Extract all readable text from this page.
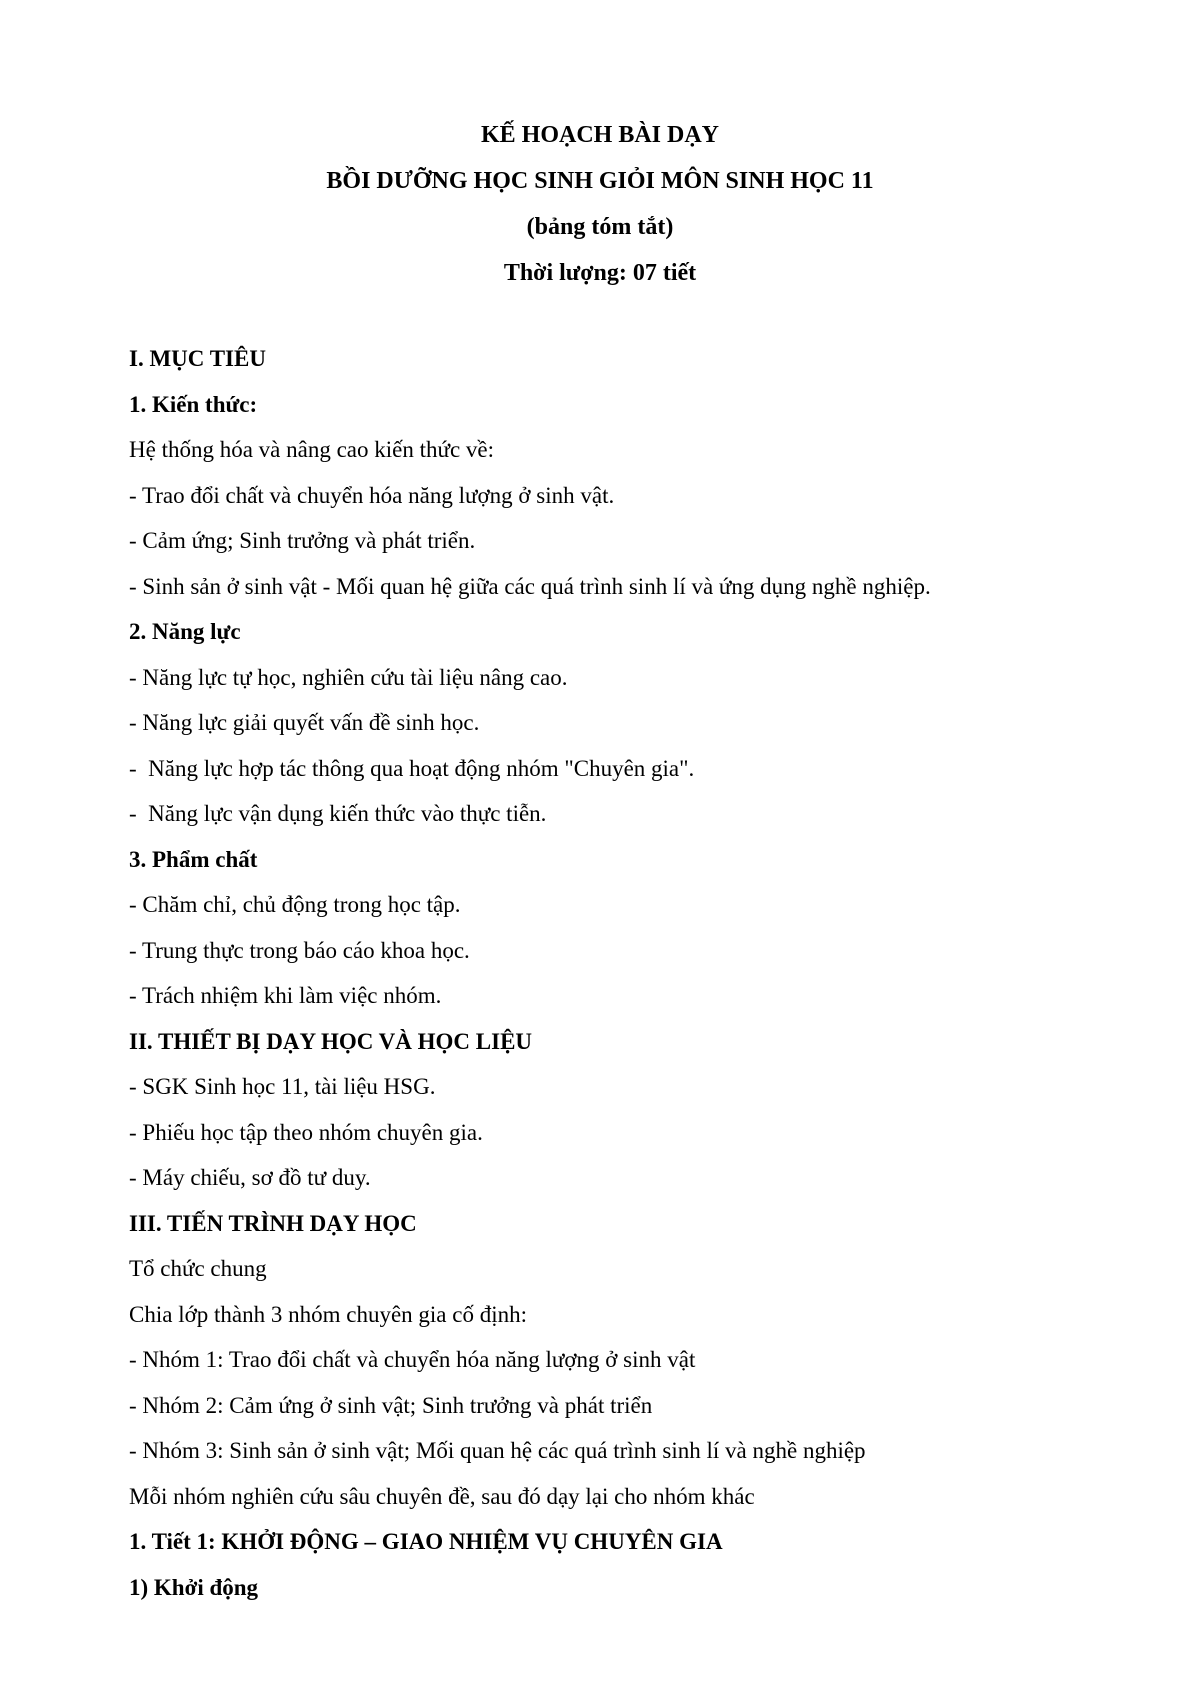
KẾ HOẠCH BÀI DẠY

BỒI DƯỠNG HỌC SINH GIỎI MÔN SINH HỌC 11

(bảng tóm tắt)

Thời lượng: 07 tiết

I. MỤC TIÊU

1. Kiến thức:

Hệ thống hóa và nâng cao kiến thức về:

- Trao đổi chất và chuyển hóa năng lượng ở sinh vật.

- Cảm ứng; Sinh trưởng và phát triển.

- Sinh sản ở sinh vật - Mối quan hệ giữa các quá trình sinh lí và ứng dụng nghề nghiệp.

2. Năng lực

- Năng lực tự học, nghiên cứu tài liệu nâng cao.

- Năng lực giải quyết vấn đề sinh học.

-  Năng lực hợp tác thông qua hoạt động nhóm "Chuyên gia".

-  Năng lực vận dụng kiến thức vào thực tiễn.

3. Phẩm chất

- Chăm chỉ, chủ động trong học tập.

- Trung thực trong báo cáo khoa học.

- Trách nhiệm khi làm việc nhóm.

II. THIẾT BỊ DẠY HỌC VÀ HỌC LIỆU

- SGK Sinh học 11, tài liệu HSG.

- Phiếu học tập theo nhóm chuyên gia.

- Máy chiếu, sơ đồ tư duy.

III. TIẾN TRÌNH DẠY HỌC

Tổ chức chung

Chia lớp thành 3 nhóm chuyên gia cố định:

- Nhóm 1: Trao đổi chất và chuyển hóa năng lượng ở sinh vật

- Nhóm 2: Cảm ứng ở sinh vật; Sinh trưởng và phát triển

- Nhóm 3: Sinh sản ở sinh vật; Mối quan hệ các quá trình sinh lí và nghề nghiệp

Mỗi nhóm nghiên cứu sâu chuyên đề, sau đó dạy lại cho nhóm khác

1. Tiết 1: KHỞI ĐỘNG – GIAO NHIỆM VỤ CHUYÊN GIA

1) Khởi động
